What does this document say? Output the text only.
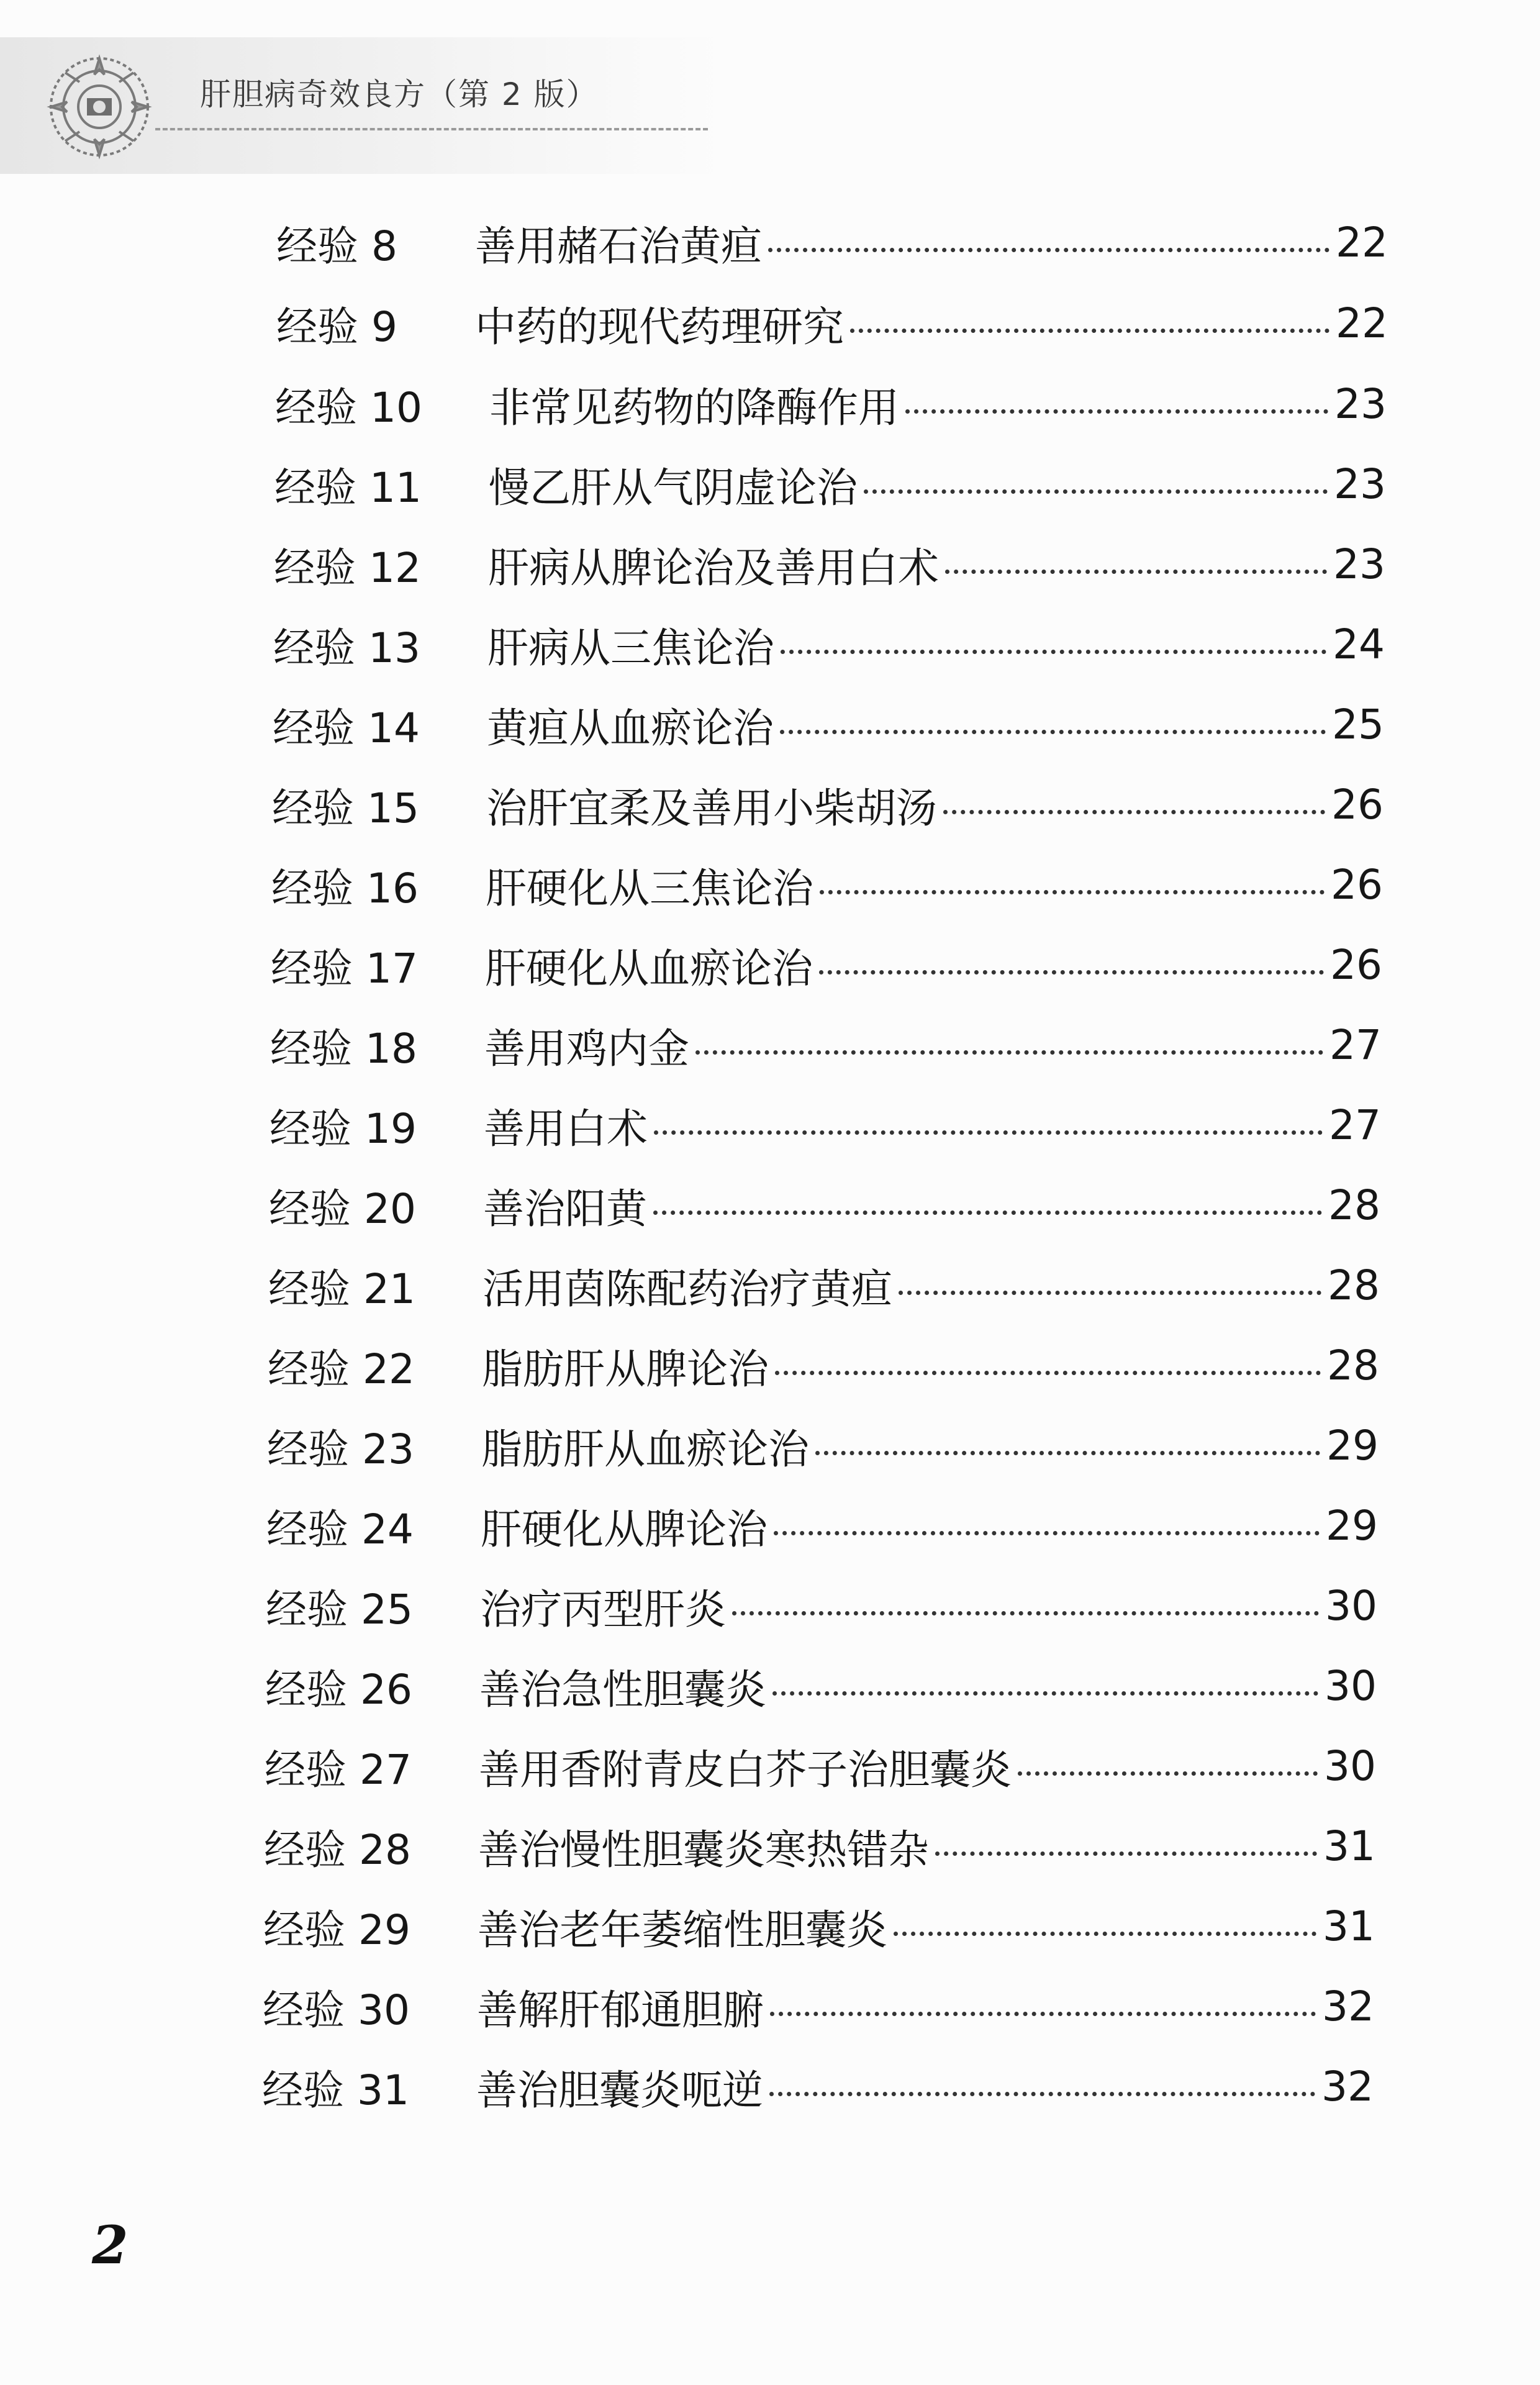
肝胆病奇效良方（第 2 版）
经验 8	善用赭石治黄疸	22
经验 9	中药的现代药理研究	22
经验 10	非常见药物的降酶作用	23
经验 11	慢乙肝从气阴虚论治	23
经验 12	肝病从脾论治及善用白术	23
经验 13	肝病从三焦论治	24
经验 14	黄疸从血瘀论治	25
经验 15	治肝宜柔及善用小柴胡汤	26
经验 16	肝硬化从三焦论治	26
经验 17	肝硬化从血瘀论治	26
经验 18	善用鸡内金	27
经验 19	善用白术	27
经验 20	善治阳黄	28
经验 21	活用茵陈配药治疗黄疸	28
经验 22	脂肪肝从脾论治	28
经验 23	脂肪肝从血瘀论治	29
经验 24	肝硬化从脾论治	29
经验 25	治疗丙型肝炎	30
经验 26	善治急性胆囊炎	30
经验 27	善用香附青皮白芥子治胆囊炎	30
经验 28	善治慢性胆囊炎寒热错杂	31
经验 29	善治老年萎缩性胆囊炎	31
经验 30	善解肝郁通胆腑	32
经验 31	善治胆囊炎呃逆	32
2
